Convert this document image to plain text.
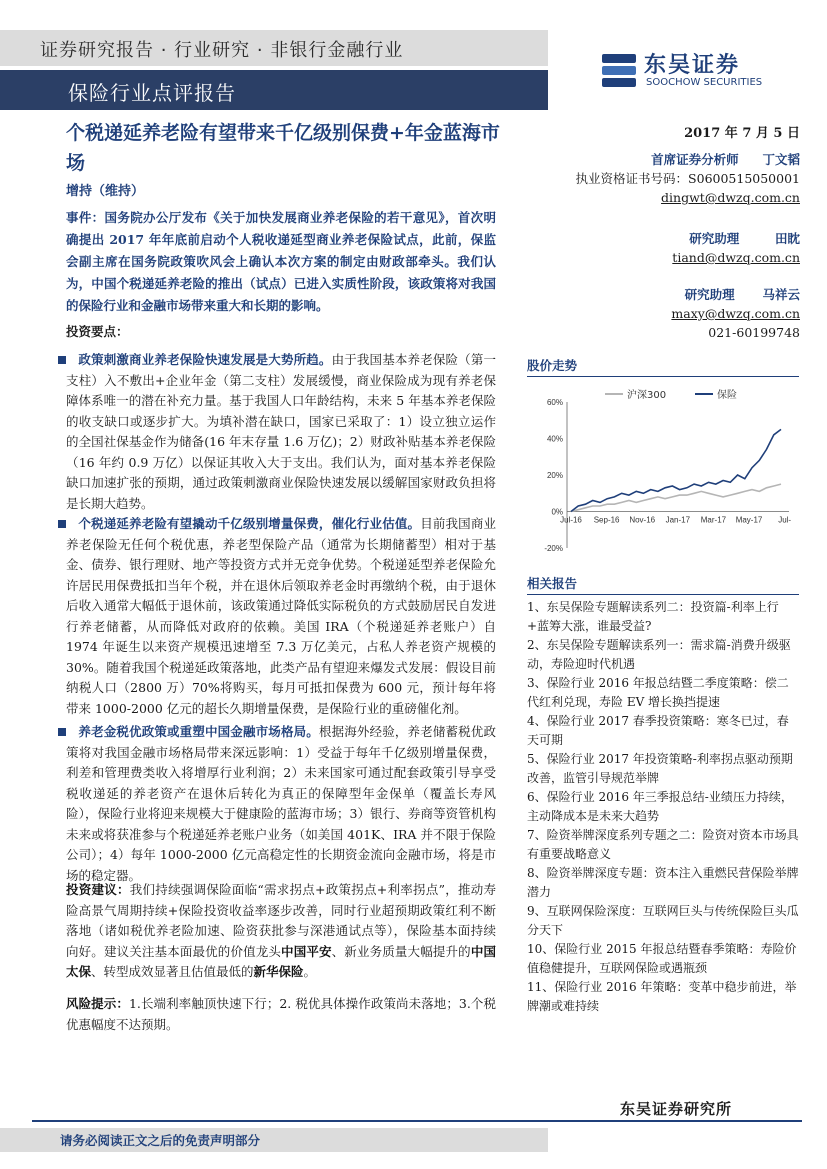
证券研究报告 · 行业研究 · 非银行金融行业
保险行业点评报告
东吴证券
SOOCHOW SECURITIES
个税递延养老险有望带来千亿级别保费+年金蓝海市场
增持（维持）
2017 年 7 月 5 日
首席证券分析师 丁文韬
执业资格证书号码：S0600515050001
dingwt@dwzq.com.cn
研究助理	田眈
tiand@dwzq.com.cn
研究助理 马祥云
maxy@dwzq.com.cn
021-60199748
事件：国务院办公厅发布《关于加快发展商业养老保险的若干意见》，首次明确提出 2017 年年底前启动个人税收递延型商业养老保险试点，此前，保监会副主席在国务院政策吹风会上确认本次方案的制定由财政部牵头。我们认为，中国个税递延养老险的推出（试点）已进入实质性阶段，该政策将对我国的保险行业和金融市场带来重大和长期的影响。
投资要点：
政策刺激商业养老保险快速发展是大势所趋。由于我国基本养老保险（第一支柱）入不敷出+企业年金（第二支柱）发展缓慢，商业保险成为现有养老保障体系唯一的潜在补充力量。基于我国人口年龄结构，未来 5 年基本养老保险的收支缺口或逐步扩大。为填补潜在缺口，国家已采取了：1）设立独立运作的全国社保基金作为储备(16 年末存量 1.6 万亿)；2）财政补贴基本养老保险（16 年约 0.9 万亿）以保证其收入大于支出。我们认为，面对基本养老保险缺口加速扩张的预期，通过政策刺激商业保险快速发展以缓解国家财政负担将是长期大趋势。
个税递延养老险有望撬动千亿级别增量保费，催化行业估值。目前我国商业养老保险无任何个税优惠，养老型保险产品（通常为长期储蓄型）相对于基金、债券、银行理财、地产等投资方式并无竞争优势。个税递延型养老保险允许居民用保费抵扣当年个税，并在退休后领取养老金时再缴纳个税，由于退休后收入通常大幅低于退休前，该政策通过降低实际税负的方式鼓励居民自发进行养老储蓄，从而降低对政府的依赖。美国 IRA（个税递延养老账户）自 1974 年诞生以来资产规模迅速增至 7.3 万亿美元，占私人养老资产规模的 30%。随着我国个税递延政策落地，此类产品有望迎来爆发式发展：假设目前纳税人口（2800 万）70%将购买，每月可抵扣保费为 600 元，预计每年将带来 1000-2000 亿元的超长久期增量保费，是保险行业的重磅催化剂。
养老金税优政策或重塑中国金融市场格局。根据海外经验，养老储蓄税优政策将对我国金融市场格局带来深远影响：1）受益于每年千亿级别增量保费，利差和管理费类收入将增厚行业利润；2）未来国家可通过配套政策引导享受税收递延的养老资产在退休后转化为真正的保障型年金保单（覆盖长寿风险），保险行业将迎来规模大于健康险的蓝海市场；3）银行、券商等资管机构未来或将获准参与个税递延养老账户业务（如美国 401K、IRA 并不限于保险公司）；4）每年 1000-2000 亿元高稳定性的长期资金流向金融市场，将是市场的稳定器。
投资建议：我们持续强调保险面临“需求拐点+政策拐点+利率拐点”，推动寿险高景气周期持续+保险投资收益率逐步改善，同时行业超预期政策红利不断落地（诸如税优养老险加速、险资获批参与深港通试点等），保险基本面持续向好。建议关注基本面最优的价值龙头中国平安、新业务质量大幅提升的中国太保、转型成效显著且估值最低的新华保险。
风险提示：1.长端利率触顶快速下行；2. 税优具体操作政策尚未落地；3.个税优惠幅度不达预期。
股价走势
60%
40%
20%
0%
-20%
Jul-16 Sep-16 Nov-16 Jan-17 Mar-17 May-17 Jul-
沪深300	保险
相关报告
1、东吴保险专题解读系列二：投资篇-利率上行+蓝筹大涨，谁最受益?
2、东吴保险专题解读系列一：需求篇-消费升级驱动，寿险迎时代机遇
3、保险行业 2016 年报总结暨二季度策略：偿二代红利兑现，寿险 EV 增长换挡提速
4、保险行业 2017 春季投资策略：寒冬已过，春天可期
5、保险行业 2017 年投资策略-利率拐点驱动预期改善，监管引导规范举牌
6、保险行业 2016 年三季报总结-业绩压力持续，主动降成本是未来大趋势
7、险资举牌深度系列专题之二：险资对资本市场具有重要战略意义
8、险资举牌深度专题：资本注入重燃民营保险举牌潜力
9、互联网保险深度：互联网巨头与传统保险巨头瓜分天下
10、保险行业 2015 年报总结暨春季策略：寿险价值稳健提升，互联网保险或遇瓶颈
11、保险行业 2016 年策略：变革中稳步前进，举牌潮或难持续
东吴证券研究所
请务必阅读正文之后的免责声明部分
